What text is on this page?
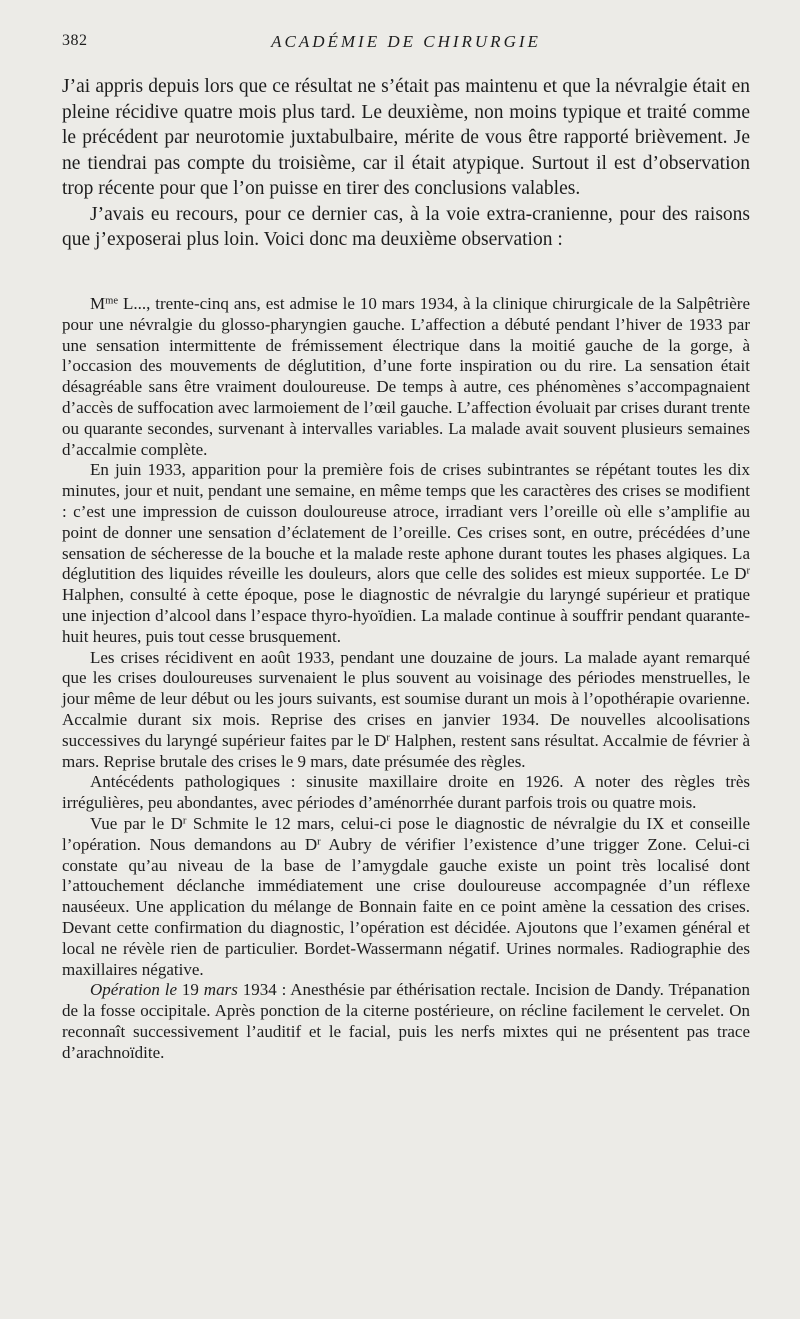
382	ACADÉMIE DE CHIRURGIE

J’ai appris depuis lors que ce résultat ne s’était pas maintenu et que la névralgie était en pleine récidive quatre mois plus tard. Le deuxième, non moins typique et traité comme le précédent par neurotomie juxtabulbaire, mérite de vous être rapporté brièvement. Je ne tiendrai pas compte du troisième, car il était atypique. Surtout il est d’observation trop récente pour que l’on puisse en tirer des conclusions valables.

J’avais eu recours, pour ce dernier cas, à la voie extra-cranienne, pour des raisons que j’exposerai plus loin. Voici donc ma deuxième observation :

$M^{me}$ L..., trente-cinq ans, est admise le 10 mars 1934, à la clinique chirurgicale de la Salpêtrière pour une névralgie du glosso-pharyngien gauche. L’affection a débuté pendant l’hiver de 1933 par une sensation intermittente de frémissement électrique dans la moitié gauche de la gorge, à l’occasion des mouvements de déglutition, d’une forte inspiration ou du rire. La sensation était désagréable sans être vraiment douloureuse. De temps à autre, ces phénomènes s’accompagnaient d’accès de suffocation avec larmoiement de l’œil gauche. L’affection évoluait par crises durant trente ou quarante secondes, survenant à intervalles variables. La malade avait souvent plusieurs semaines d’accalmie complète.

En juin 1933, apparition pour la première fois de crises subintrantes se répétant toutes les dix minutes, jour et nuit, pendant une semaine, en même temps que les caractères des crises se modifient : c’est une impression de cuisson douloureuse atroce, irradiant vers l’oreille où elle s’amplifie au point de donner une sensation d’éclatement de l’oreille. Ces crises sont, en outre, précédées d’une sensation de sécheresse de la bouche et la malade reste aphone durant toutes les phases algiques. La déglutition des liquides réveille les douleurs, alors que celle des solides est mieux supportée. Le $D^r$ Halphen, consulté à cette époque, pose le diagnostic de névralgie du laryngé supérieur et pratique une injection d’alcool dans l’espace thyro-hyoïdien. La malade continue à souffrir pendant quarante-huit heures, puis tout cesse brusquement.

Les crises récidivent en août 1933, pendant une douzaine de jours. La malade ayant remarqué que les crises douloureuses survenaient le plus souvent au voisinage des périodes menstruelles, le jour même de leur début ou les jours suivants, est soumise durant un mois à l’opothérapie ovarienne. Accalmie durant six mois. Reprise des crises en janvier 1934. De nouvelles alcoolisations successives du laryngé supérieur faites par le $D^r$ Halphen, restent sans résultat. Accalmie de février à mars. Reprise brutale des crises le 9 mars, date présumée des règles.

Antécédents pathologiques : sinusite maxillaire droite en 1926. A noter des règles très irrégulières, peu abondantes, avec périodes d’aménorrhée durant parfois trois ou quatre mois.

Vue par le $D^r$ Schmite le 12 mars, celui-ci pose le diagnostic de névralgie du IX et conseille l’opération. Nous demandons au $D^r$ Aubry de vérifier l’existence d’une trigger Zone. Celui-ci constate qu’au niveau de la base de l’amygdale gauche existe un point très localisé dont l’attouchement déclanche immédiatement une crise douloureuse accompagnée d’un réflexe nauséeux. Une application du mélange de Bonnain faite en ce point amène la cessation des crises. Devant cette confirmation du diagnostic, l’opération est décidée. Ajoutons que l’examen général et local ne révèle rien de particulier. Bordet-Wassermann négatif. Urines normales. Radiographie des maxillaires négative.

Opération le 19 mars 1934 : Anesthésie par éthérisation rectale. Incision de Dandy. Trépanation de la fosse occipitale. Après ponction de la citerne postérieure, on récline facilement le cervelet. On reconnaît successivement l’auditif et le facial, puis les nerfs mixtes qui ne présentent pas trace d’arachnoïdite.
